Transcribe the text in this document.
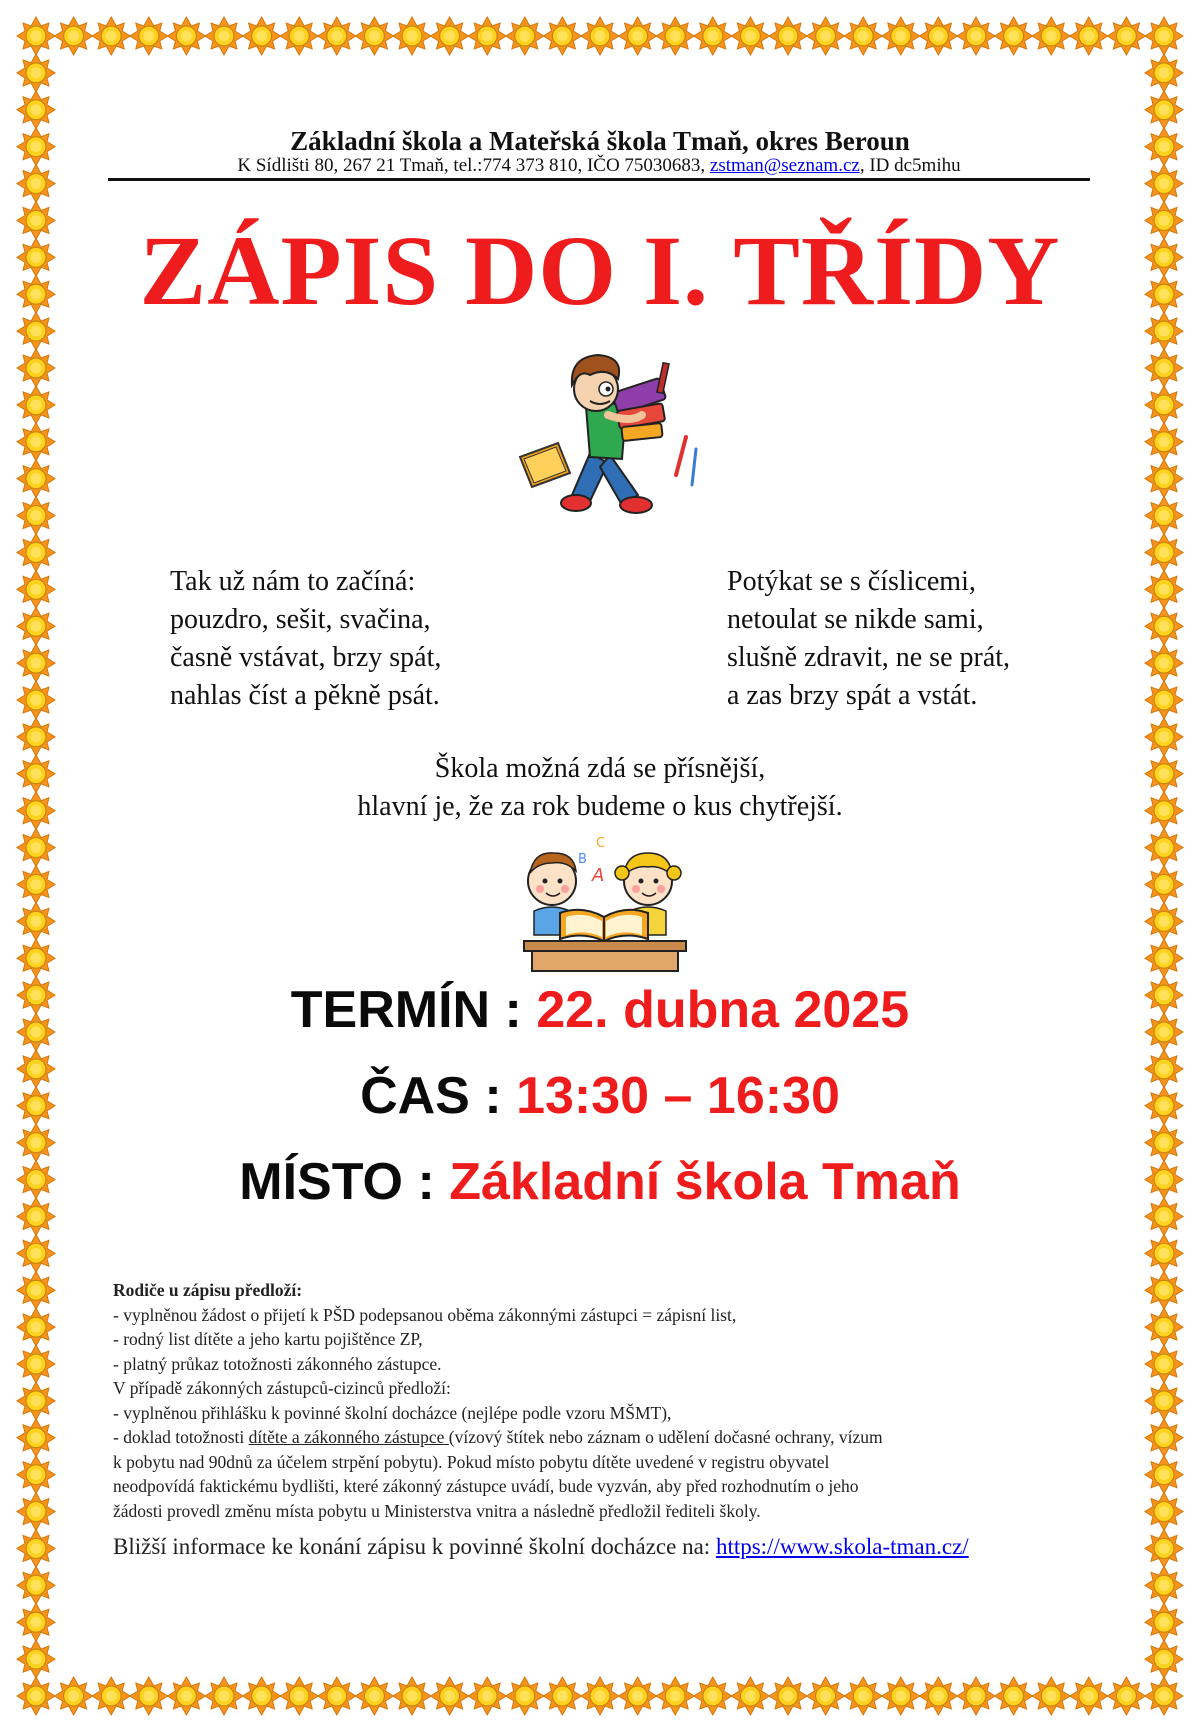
Základní škola a Mateřská škola Tmaň, okres Beroun
K Sídlišti 80, 267 21 Tmaň, tel.:774 373 810, IČO 75030683, zstman@seznam.cz, ID dc5mihu
ZÁPIS DO I. TŘÍDY
Tak už nám to začíná:
pouzdro, sešit, svačina,
časně vstávat, brzy spát,
nahlas číst a pěkně psát.
Potýkat se s číslicemi,
netoulat se nikde sami,
slušně zdravit, ne se prát,
a zas brzy spát a vstát.
Škola možná zdá se přísnější,
hlavní je, že za rok budeme o kus chytřejší.
B
C
A
TERMÍN : 22. dubna 2025
ČAS : 13:30 – 16:30
MÍSTO : Základní škola Tmaň
Rodiče u zápisu předloží:
- vyplněnou žádost o přijetí k PŠD podepsanou oběma zákonnými zástupci = zápisní list,
- rodný list dítěte a jeho kartu pojištěnce ZP,
- platný průkaz totožnosti zákonného zástupce.
V případě zákonných zástupců-cizinců předloží:
- vyplněnou přihlášku k povinné školní docházce (nejlépe podle vzoru MŠMT),
- doklad totožnosti dítěte a zákonného zástupce (vízový štítek nebo záznam o udělení dočasné ochrany, vízum
k pobytu nad 90dnů za účelem strpění pobytu). Pokud místo pobytu dítěte uvedené v registru obyvatel
neodpovídá faktickému bydlišti, které zákonný zástupce uvádí, bude vyzván, aby před rozhodnutím o jeho
žádosti provedl změnu místa pobytu u Ministerstva vnitra a následně předložil řediteli školy.
Bližší informace ke konání zápisu k povinné školní docházce na: https://www.skola-tman.cz/
